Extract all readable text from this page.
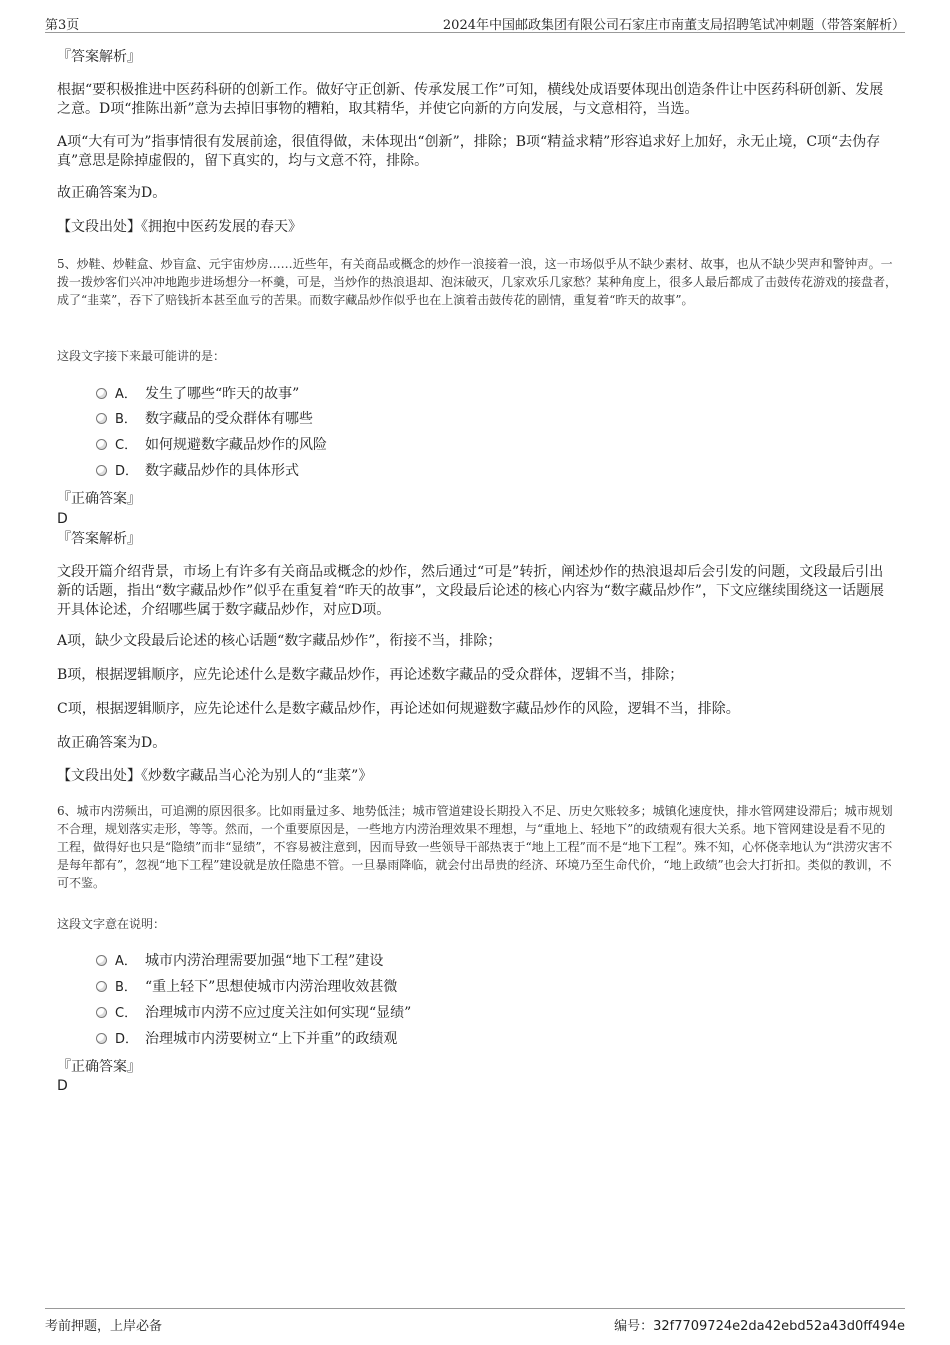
第3页	2024年中国邮政集团有限公司石家庄市南董支局招聘笔试冲刺题（带答案解析）
『答案解析』
根据“要积极推进中医药科研的创新工作。做好守正创新、传承发展工作”可知，横线处成语要体现出创造条件让中医药科研创新、发展之意。D项“推陈出新”意为去掉旧事物的糟粕，取其精华，并使它向新的方向发展，与文意相符，当选。
A项“大有可为”指事情很有发展前途，很值得做，未体现出“创新”，排除；B项“精益求精”形容追求好上加好，永无止境，C项“去伪存真”意思是除掉虚假的，留下真实的，均与文意不符，排除。
故正确答案为D。
【文段出处】《拥抱中医药发展的春天》
5、炒鞋、炒鞋盒、炒盲盒、元宇宙炒房……近些年，有关商品或概念的炒作一浪接着一浪，这一市场似乎从不缺少素材、故事，也从不缺少哭声和警钟声。一拨一拨炒客们兴冲冲地跑步进场想分一杯羹，可是，当炒作的热浪退却、泡沫破灭，几家欢乐几家愁？某种角度上，很多人最后都成了击鼓传花游戏的接盘者，成了“韭菜”，吞下了赔钱折本甚至血亏的苦果。而数字藏品炒作似乎也在上演着击鼓传花的剧情，重复着“昨天的故事”。
这段文字接下来最可能讲的是：
A． 发生了哪些“昨天的故事”
B． 数字藏品的受众群体有哪些
C． 如何规避数字藏品炒作的风险
D． 数字藏品炒作的具体形式
『正确答案』
D
『答案解析』
文段开篇介绍背景，市场上有许多有关商品或概念的炒作，然后通过“可是”转折，阐述炒作的热浪退却后会引发的问题，文段最后引出新的话题，指出“数字藏品炒作”似乎在重复着“昨天的故事”，文段最后论述的核心内容为“数字藏品炒作”，下文应继续围绕这一话题展开具体论述，介绍哪些属于数字藏品炒作，对应D项。
A项，缺少文段最后论述的核心话题“数字藏品炒作”，衔接不当，排除；
B项，根据逻辑顺序，应先论述什么是数字藏品炒作，再论述数字藏品的受众群体，逻辑不当，排除；
C项，根据逻辑顺序，应先论述什么是数字藏品炒作，再论述如何规避数字藏品炒作的风险，逻辑不当，排除。
故正确答案为D。
【文段出处】《炒数字藏品当心沦为别人的“韭菜”》
6、城市内涝频出，可追溯的原因很多。比如雨量过多、地势低洼；城市管道建设长期投入不足、历史欠账较多；城镇化速度快，排水管网建设滞后；城市规划不合理，规划落实走形，等等。然而，一个重要原因是，一些地方内涝治理效果不理想，与“重地上、轻地下”的政绩观有很大关系。地下管网建设是看不见的工程，做得好也只是“隐绩”而非“显绩”，不容易被注意到，因而导致一些领导干部热衷于“地上工程”而不是“地下工程”。殊不知，心怀侥幸地认为“洪涝灾害不是每年都有”，忽视“地下工程”建设就是放任隐患不管。一旦暴雨降临，就会付出昂贵的经济、环境乃至生命代价，“地上政绩”也会大打折扣。类似的教训，不可不鉴。
这段文字意在说明：
A． 城市内涝治理需要加强“地下工程”建设
B． “重上轻下”思想使城市内涝治理收效甚微
C． 治理城市内涝不应过度关注如何实现“显绩”
D． 治理城市内涝要树立“上下并重”的政绩观
『正确答案』
D
考前押题，上岸必备	编号：32f7709724e2da42ebd52a43d0ff494e
